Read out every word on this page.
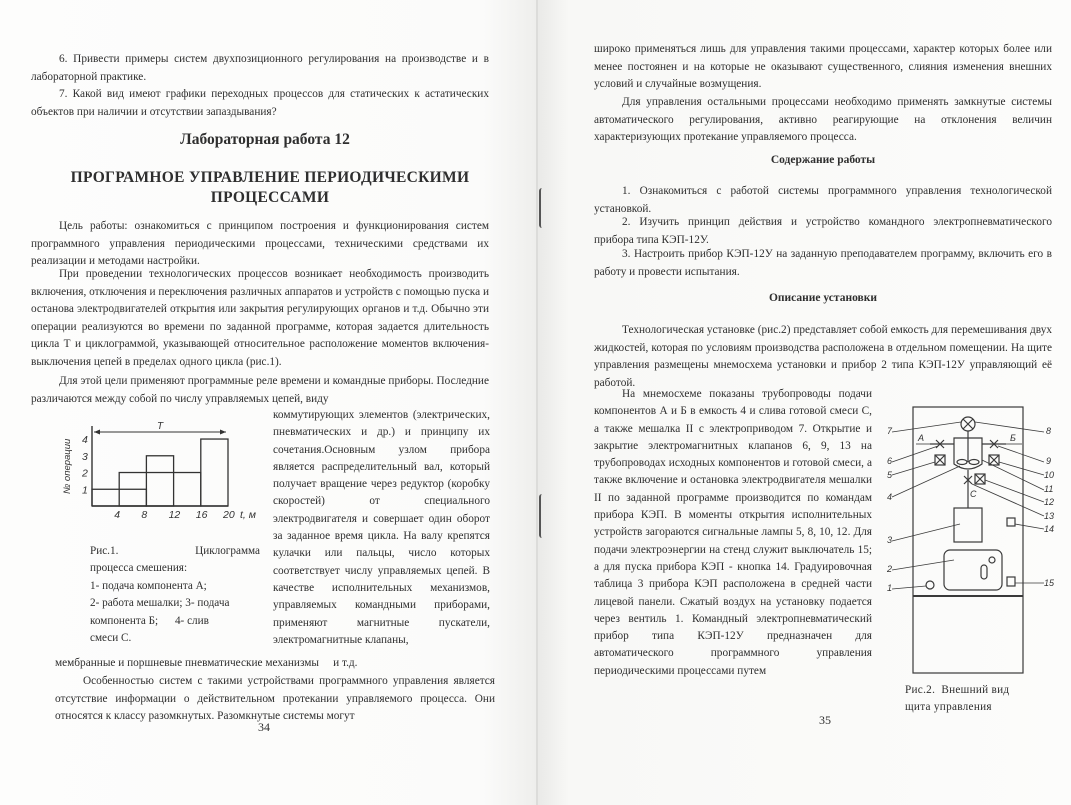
6. Привести примеры систем двухпозиционного регулирования на производстве и в лабораторной практике.
7. Какой вид имеют графики переходных процессов для статических к астатических объектов при наличии и отсутствии запаздывания?
Лабораторная работа 12
ПРОГРАМНОЕ УПРАВЛЕНИЕ ПЕРИОДИЧЕСКИМИ
ПРОЦЕССАМИ
Цель работы: ознакомиться с принципом построения и функционирования систем программного управления периодическими процессами, техническими средствами их реализации и методами настройки.
При проведении технологических процессов возникает необходимость производить включения, отключения и переключения различных аппаратов и устройств с помощью пуска и останова электродвигателей открытия или закрытия регулирующих органов и т.д. Обычно эти операции реализуются во времени по заданной программе, которая задается длительность цикла Т и циклограммой, указывающей относительное расположение моментов включения-выключения цепей в пределах одного цикла (рис.1).
Для этой цели применяют программные реле времени и командные приборы. Последние различаются между собой по числу управляемых цепей, виду
T
4 8 12 16 20 t, м
1
2
3
4
№ операции
Рис.1.	Циклограмма
процесса смешения:
1- подача компонента А;
2- работа мешалки; 3- подача
компонента Б;      4- слив
смеси С.
коммутирующих элементов (электрических, пневматических и др.) и принципу их сочетания.Основным узлом прибора является распределительный вал, который получает вращение через редуктор (коробку скоростей) от специального электродвигателя и совершает один оборот за заданное время цикла. На валу крепятся кулачки или пальцы, число которых соответствует числу управляемых цепей. В качестве исполнительных механизмов, управляемых командными приборами, применяют магнитные пускатели, электромагнитные клапаны,
мембранные и поршневые пневматические механизмы     и т.д.
Особенностью систем с такими устройствами программного управления является отсутствие информации о действительном протекании управляемого процесса. Они относятся к классу разомкнутых. Разомкнутые системы могут
34
широко применяться лишь для управления такими процессами, характер которых более или менее постоянен и на которые не оказывают существенного, слияния изменения внешних условий и случайные возмущения.
Для управления остальными процессами необходимо применять замкнутые системы автоматического регулирования, активно реагирующие на отклонения величин характеризующих протекание управляемого процесса.
Содержание работы
1. Ознакомиться с работой системы программного управления технологической установкой.
2. Изучить принцип действия и устройство командного электропневматического прибора типа КЭП-12У.
3. Настроить прибор КЭП-12У на заданную преподавателем программу, включить его в работу и провести испытания.
Описание установки
Технологическая установке (рис.2) представляет собой емкость для перемешивания двух жидкостей, которая по условиям производства расположена в отдельном помещении. На щите управления размещены мнемосхема установки и прибор 2 типа КЭП-12У управляющий её работой.
На мнемосхеме показаны трубопроводы подачи компонентов А и Б в емкость 4 и слива готовой смеси С, а также мешалка II с электроприводом 7. Открытие и закрытие электромагнитных клапанов 6, 9, 13 на трубопроводах исходных компонентов и готовой смеси, а также включение и остановка электродвигателя мешалки II по заданной программе производится по командам прибора КЭП. В моменты открытия исполнительных устройств загораются сигнальные лампы 5, 8, 10, 12. Для подачи электроэнергии на стенд служит выключатель 15; а для пуска прибора КЭП - кнопка 14. Градуировочная таблица 3 прибора КЭП расположена в средней части лицевой панели. Сжатый воздух на установку подается через вентиль 1. Командный электропневматический прибор типа КЭП-12У предназначен для автоматического программного управления периодическими процессами путем
С
7
А
6
5
4
3
2
1
8
Б
9
10
11
12
13
14
15
Рис.2.  Внешний вид
щита управления
35
